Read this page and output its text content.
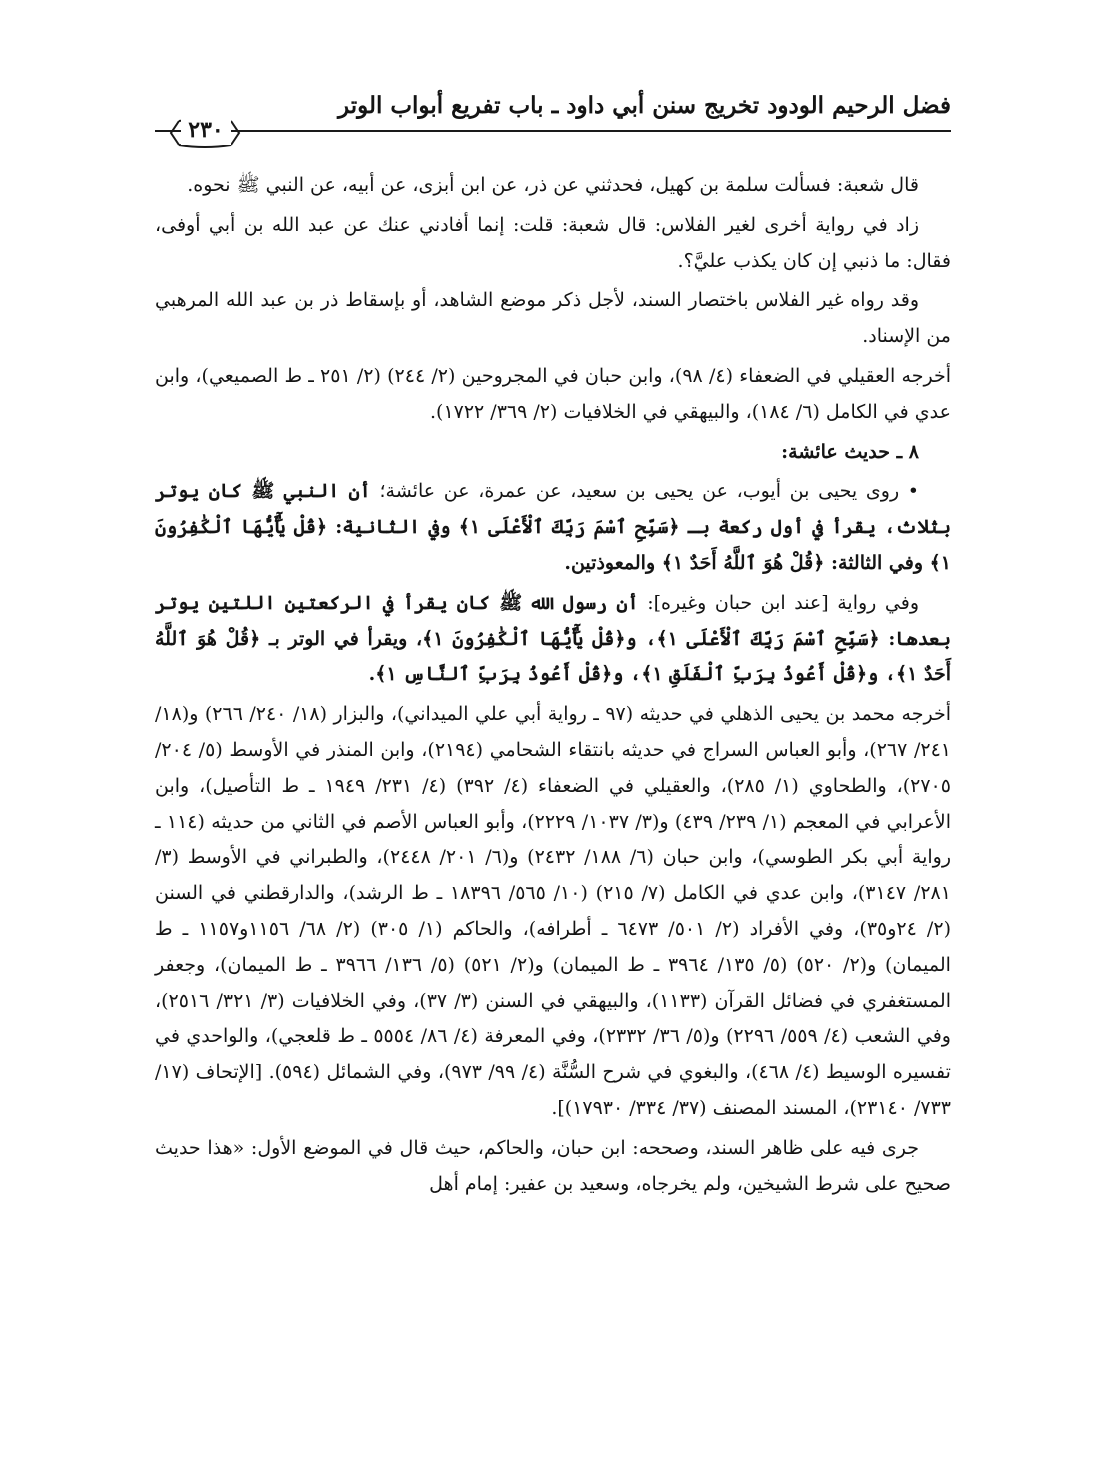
فضل الرحيم الودود تخريج سنن أبي داود ـ باب تفريع أبواب الوتر
٢٣٠

قال شعبة: فسألت سلمة بن كهيل، فحدثني عن ذر، عن ابن أبزى، عن أبيه، عن النبي ﷺ نحوه.

زاد في رواية أخرى لغير الفلاس: قال شعبة: قلت: إنما أفادني عنك عن عبد الله بن أبي أوفى، فقال: ما ذنبي إن كان يكذب عليَّ؟.

وقد رواه غير الفلاس باختصار السند، لأجل ذكر موضع الشاهد، أو بإسقاط ذر بن عبد الله المرهبي من الإسناد.

أخرجه العقيلي في الضعفاء (٤/ ٩٨)، وابن حبان في المجروحين (٢/ ٢٤٤) (٢/ ٢٥١ ـ ط الصميعي)، وابن عدي في الكامل (٦/ ١٨٤)، والبيهقي في الخلافيات (٢/ ٣٦٩/ ١٧٢٢).

٨ ـ حديث عائشة:

• روى يحيى بن أيوب، عن يحيى بن سعيد، عن عمرة، عن عائشة؛ أن النبي ﷺ كان يوتر بثلاث، يقرأ في أول ركعة بـ ﴿سَبِّحِ ٱسْمَ رَبِّكَ ٱلْأَعْلَى ١﴾ وفي الثانية: ﴿قُلْ يَٰٓأَيُّهَا ٱلْكَٰفِرُونَ ١﴾ وفي الثالثة: ﴿قُلْ هُوَ ٱللَّهُ أَحَدٌ ١﴾ والمعوذتين.

وفي رواية [عند ابن حبان وغيره]: أن رسول الله ﷺ كان يقرأ في الركعتين اللتين يوتر بعدها: ﴿سَبِّحِ ٱسْمَ رَبِّكَ ٱلْأَعْلَى ١﴾، و﴿قُلْ يَٰٓأَيُّهَا ٱلْكَٰفِرُونَ ١﴾، ويقرأ في الوتر بـ ﴿قُلْ هُوَ ٱللَّهُ أَحَدٌ ١﴾، و﴿قُلْ أَعُوذُ بِرَبِّ ٱلْفَلَقِ ١﴾، و﴿قُلْ أَعُوذُ بِرَبِّ ٱلنَّاسِ ١﴾.

أخرجه محمد بن يحيى الذهلي في حديثه (٩٧ ـ رواية أبي علي الميداني)، والبزار (١٨/ ٢٤٠/ ٢٦٦) و(١٨/ ٢٤١/ ٢٦٧)، وأبو العباس السراج في حديثه بانتقاء الشحامي (٢١٩٤)، وابن المنذر في الأوسط (٥/ ٢٠٤/ ٢٧٠٥)، والطحاوي (١/ ٢٨٥)، والعقيلي في الضعفاء (٤/ ٣٩٢) (٤/ ٢٣١/ ١٩٤٩ ـ ط التأصيل)، وابن الأعرابي في المعجم (١/ ٢٣٩/ ٤٣٩) و(٣/ ١٠٣٧/ ٢٢٢٩)، وأبو العباس الأصم في الثاني من حديثه (١١٤ ـ رواية أبي بكر الطوسي)، وابن حبان (٦/ ١٨٨/ ٢٤٣٢) و(٦/ ٢٠١/ ٢٤٤٨)، والطبراني في الأوسط (٣/ ٢٨١/ ٣١٤٧)، وابن عدي في الكامل (٧/ ٢١٥) (١٠/ ٥٦٥/ ١٨٣٩٦ ـ ط الرشد)، والدارقطني في السنن (٢/ ٢٤و٣٥)، وفي الأفراد (٢/ ٥٠١/ ٦٤٧٣ ـ أطرافه)، والحاكم (١/ ٣٠٥) (٢/ ٦٨/ ١١٥٦و١١٥٧ ـ ط الميمان) و(٢/ ٥٢٠) (٥/ ١٣٥/ ٣٩٦٤ ـ ط الميمان) و(٢/ ٥٢١) (٥/ ١٣٦/ ٣٩٦٦ ـ ط الميمان)، وجعفر المستغفري في فضائل القرآن (١١٣٣)، والبيهقي في السنن (٣/ ٣٧)، وفي الخلافيات (٣/ ٣٢١/ ٢٥١٦)، وفي الشعب (٤/ ٥٥٩/ ٢٢٩٦) و(٥/ ٣٦/ ٢٣٣٢)، وفي المعرفة (٤/ ٨٦/ ٥٥٥٤ ـ ط قلعجي)، والواحدي في تفسيره الوسيط (٤/ ٤٦٨)، والبغوي في شرح السُّنَّة (٤/ ٩٩/ ٩٧٣)، وفي الشمائل (٥٩٤). [الإتحاف (١٧/ ٧٣٣/ ٢٣١٤٠)، المسند المصنف (٣٧/ ٣٣٤/ ١٧٩٣٠)].

جرى فيه على ظاهر السند، وصححه: ابن حبان، والحاكم، حيث قال في الموضع الأول: «هذا حديث صحيح على شرط الشيخين، ولم يخرجاه، وسعيد بن عفير: إمام أهل
